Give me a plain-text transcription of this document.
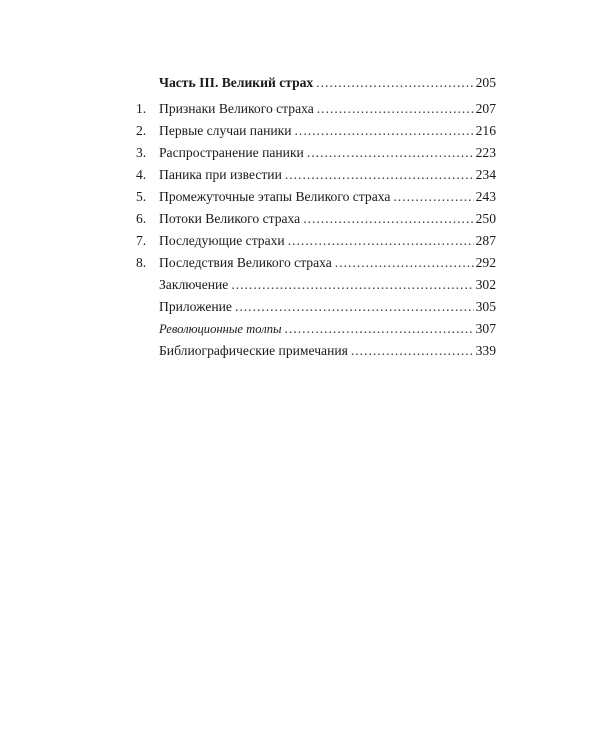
Часть III. Великий страх .....	205
1. Признаки Великого страха .....	207
2. Первые случаи паники .....	216
3. Распространение паники .....	223
4. Паника при известии .....	234
5. Промежуточные этапы Великого страха .....	243
6. Потоки Великого страха .....	250
7. Последующие страхи .....	287
8. Последствия Великого страха .....	292
Заключение .....	302
Приложение .....	305
Революционные толпы .....	307
Библиографические примечания .....	339
